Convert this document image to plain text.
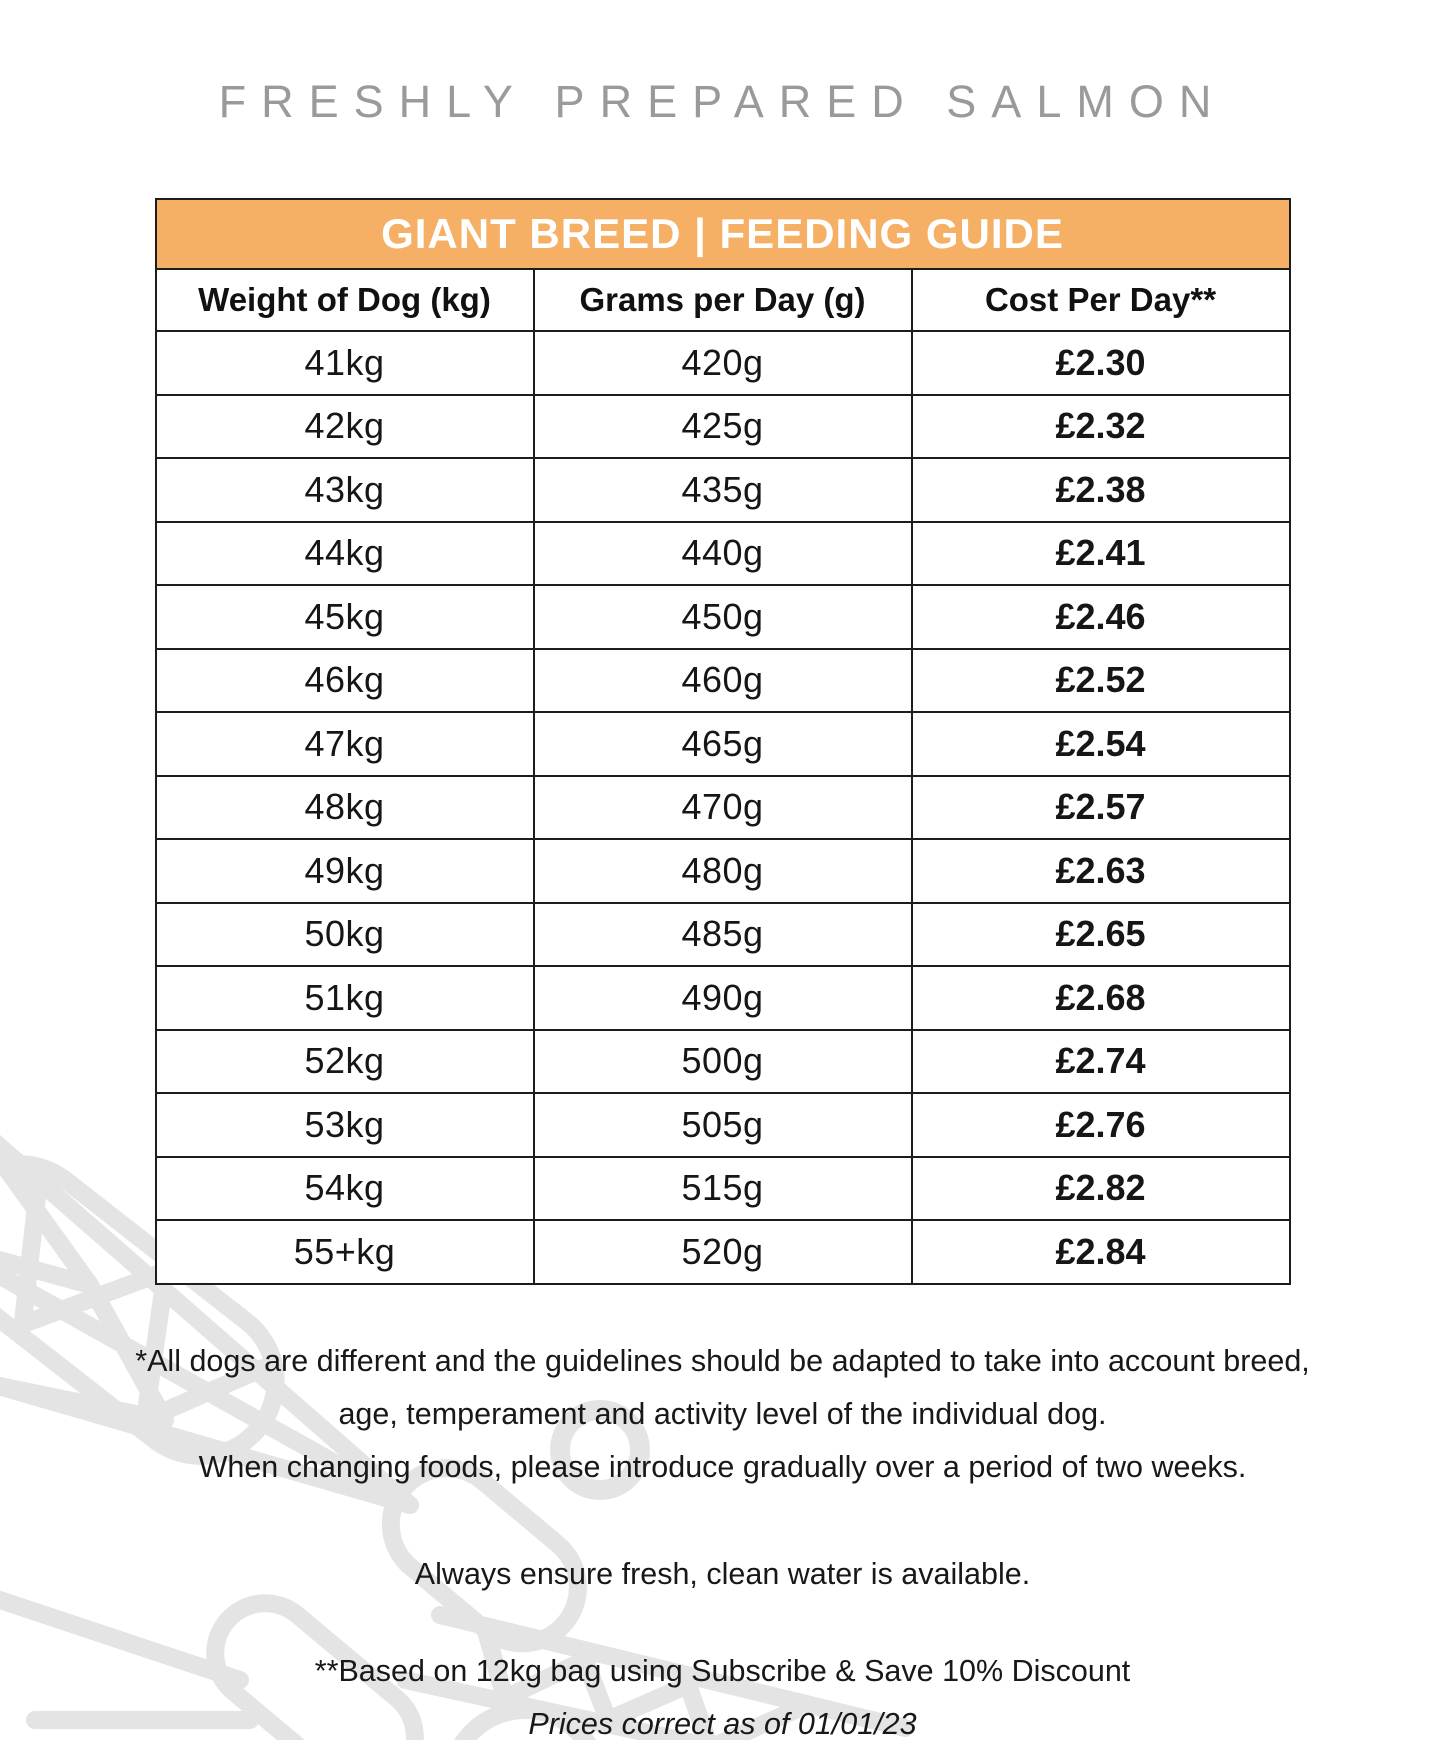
FRESHLY PREPARED SALMON
GIANT BREED | FEEDING GUIDE		
Weight of Dog (kg)	Grams per Day (g)	Cost Per Day**
41kg	420g	£2.30
42kg	425g	£2.32
43kg	435g	£2.38
44kg	440g	£2.41
45kg	450g	£2.46
46kg	460g	£2.52
47kg	465g	£2.54
48kg	470g	£2.57
49kg	480g	£2.63
50kg	485g	£2.65
51kg	490g	£2.68
52kg	500g	£2.74
53kg	505g	£2.76
54kg	515g	£2.82
55+kg	520g	£2.84

*All dogs are different and the guidelines should be adapted to take into account breed,
age, temperament and activity level of the individual dog.
When changing foods, please introduce gradually over a period of two weeks.

Always ensure fresh, clean water is available.

**Based on 12kg bag using Subscribe & Save 10% Discount
Prices correct as of 01/01/23
